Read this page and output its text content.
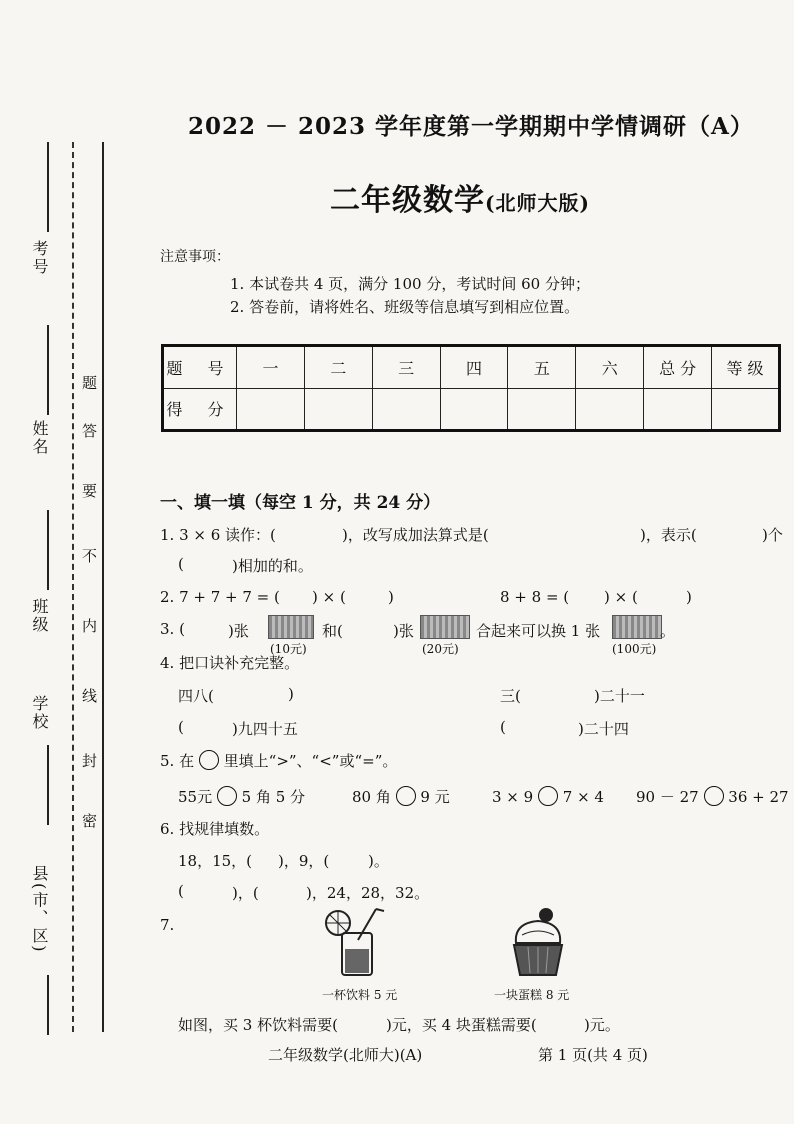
考号
姓名
班级
学校
县(市、区)
题
答
要
不
内
线
封
密
2022 － 2023 学年度第一学期期中学情调研（A）
二年级数学(北师大版)
注意事项：
1. 本试卷共 4 页，满分 100 分，考试时间 60 分钟；
2. 答卷前，请将姓名、班级等信息填写到相应位置。
题 号	一	二	三	四	五	六	总 分	等 级
得 分								
一、填一填（每空 1 分，共 24 分）
1. 3 × 6 读作：(	)，改写成加法算式是(	)，表示(	)个
(	)相加的和。
2. 7 + 7 + 7 = ( ) × (	)	8 + 8 = ( ) × (	)
3. (	)张	和(	)张	合起来可以换 1 张	。
(10元)	(20元)	(100元)
4. 把口诀补充完整。
四八(	)	三(	)二十一
(	)九四十五	(	)二十四
5. 在 里填上“>”、“<”或“=”。
55元 5 角 5 分	80 角 9 元	3 × 9 7 × 4 90 － 27 36 + 27
6. 找规律填数。
18，15，( )，9，(	)。
(	)，(	)，24，28，32。
7.
一杯饮料 5 元	一块蛋糕 8 元
如图，买 3 杯饮料需要(	)元，买 4 块蛋糕需要(	)元。
二年级数学(北师大)(A)	第 1 页(共 4 页)
